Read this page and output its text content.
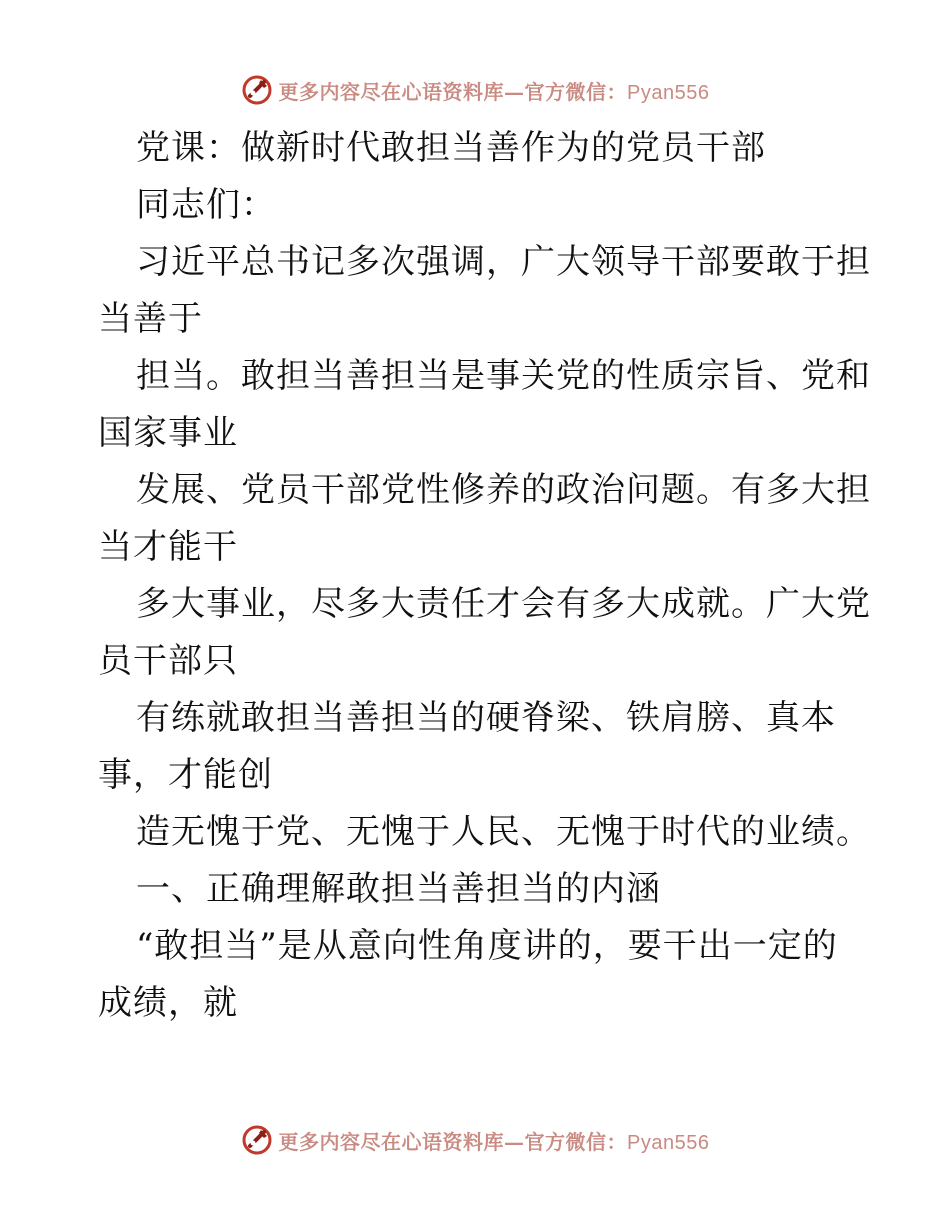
更多内容尽在心语资料库—官方微信：Pyan556
党课：做新时代敢担当善作为的党员干部
同志们：
习近平总书记多次强调，广大领导干部要敢于担
当善于
担当。敢担当善担当是事关党的性质宗旨、党和
国家事业
发展、党员干部党性修养的政治问题。有多大担
当才能干
多大事业，尽多大责任才会有多大成就。广大党
员干部只
有练就敢担当善担当的硬脊梁、铁肩膀、真本
事，才能创
造无愧于党、无愧于人民、无愧于时代的业绩。
一、正确理解敢担当善担当的内涵
“敢担当”是从意向性角度讲的，要干出一定的
成绩，就
更多内容尽在心语资料库—官方微信：Pyan556
